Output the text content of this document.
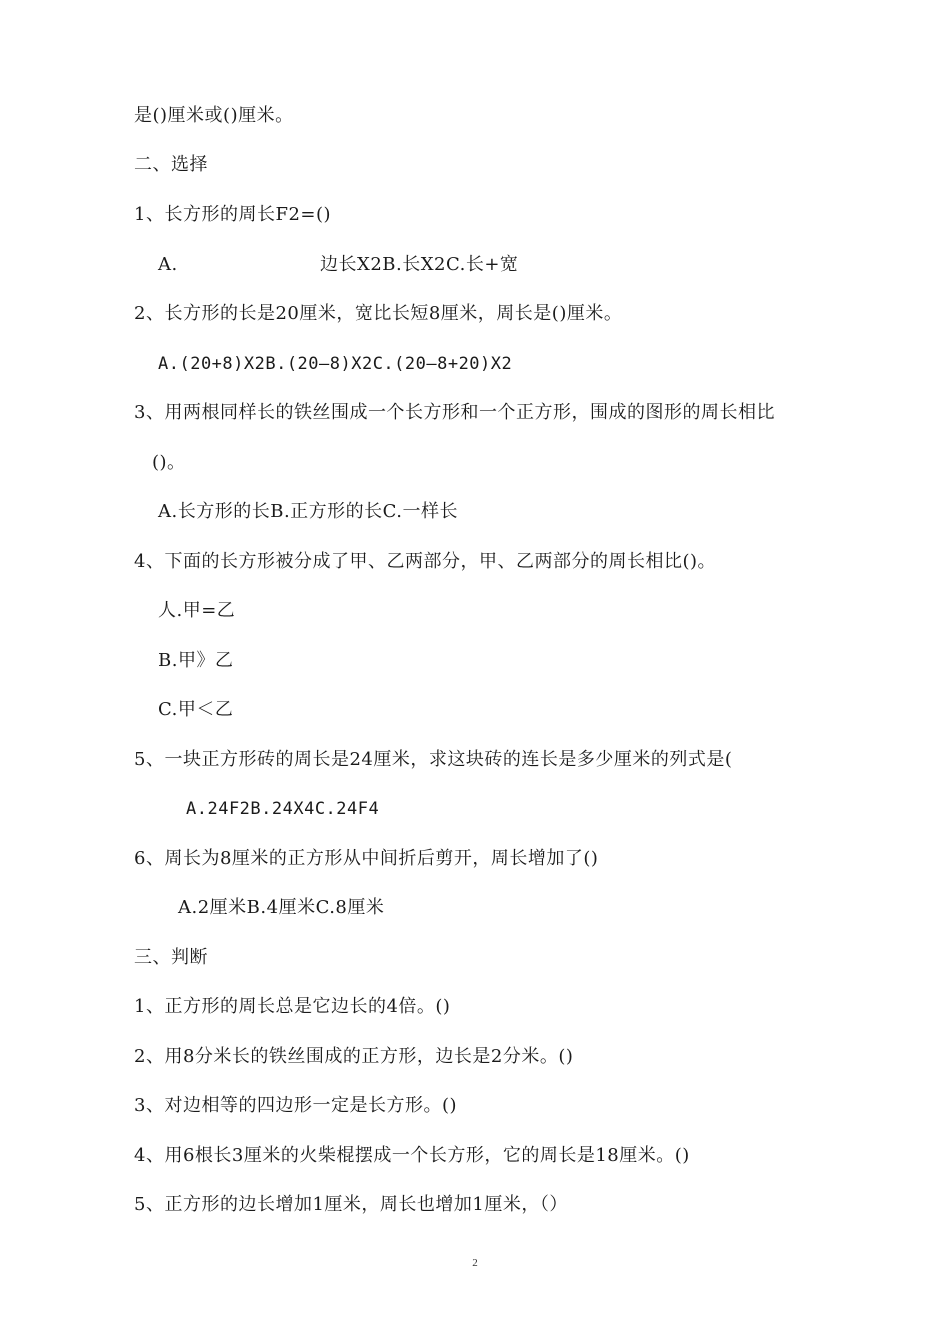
是()厘米或()厘米。
二、选择
1、长方形的周长F2=()
A.	边长X2B.长X2C.长+宽
2、长方形的长是20厘米，宽比长短8厘米，周长是()厘米。
A.(20+8)X2B.(20—8)X2C.(20—8+20)X2
3、用两根同样长的铁丝围成一个长方形和一个正方形，围成的图形的周长相比
()。
A.长方形的长B.正方形的长C.一样长
4、下面的长方形被分成了甲、乙两部分，甲、乙两部分的周长相比()。
人.甲=乙
B.甲》乙
C.甲＜乙
5、一块正方形砖的周长是24厘米，求这块砖的连长是多少厘米的列式是(
A.24F2B.24X4C.24F4
6、周长为8厘米的正方形从中间折后剪开，周长增加了()
A.2厘米B.4厘米C.8厘米
三、判断
1、正方形的周长总是它边长的4倍。()
2、用8分米长的铁丝围成的正方形，边长是2分米。()
3、对边相等的四边形一定是长方形。()
4、用6根长3厘米的火柴棍摆成一个长方形，它的周长是18厘米。()
5、正方形的边长增加1厘米，周长也增加1厘米，（）
2
